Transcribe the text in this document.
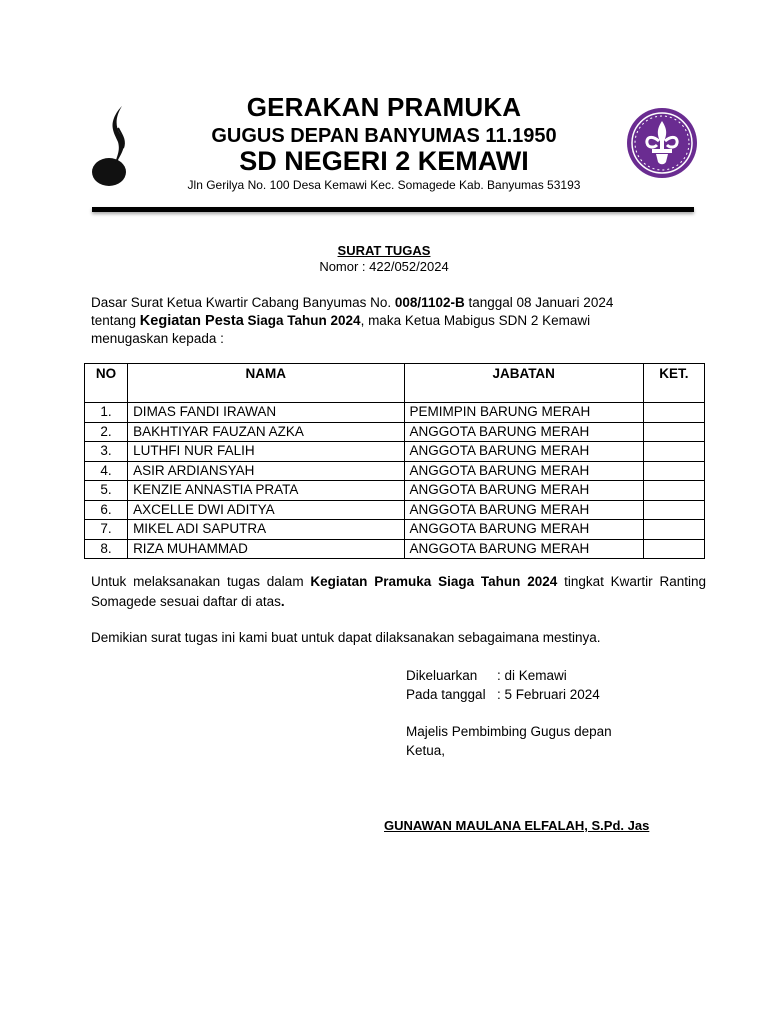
GERAKAN PRAMUKA
GUGUS DEPAN BANYUMAS 11.1950
SD NEGERI 2 KEMAWI
Jln Gerilya No. 100 Desa Kemawi Kec. Somagede Kab. Banyumas 53193
SURAT TUGAS
Nomor : 422/052/2024
Dasar Surat Ketua Kwartir Cabang Banyumas No. 008/1102-B tanggal 08 Januari 2024
tentang Kegiatan Pesta Siaga Tahun 2024, maka Ketua Mabigus SDN 2 Kemawi
menugaskan kepada :
NO	NAMA	JABATAN	KET.
1.	DIMAS FANDI IRAWAN	PEMIMPIN BARUNG MERAH	
2.	BAKHTIYAR FAUZAN AZKA	ANGGOTA BARUNG MERAH	
3.	LUTHFI NUR FALIH	ANGGOTA BARUNG MERAH	
4.	ASIR ARDIANSYAH	ANGGOTA BARUNG MERAH	
5.	KENZIE ANNASTIA PRATA	ANGGOTA BARUNG MERAH	
6.	AXCELLE DWI ADITYA	ANGGOTA BARUNG MERAH	
7.	MIKEL ADI SAPUTRA	ANGGOTA BARUNG MERAH	
8.	RIZA MUHAMMAD	ANGGOTA BARUNG MERAH	
Untuk melaksanakan tugas dalam Kegiatan Pramuka Siaga Tahun 2024 tingkat Kwartir Ranting Somagede sesuai daftar di atas.
Demikian surat tugas ini kami buat untuk dapat dilaksanakan sebagaimana mestinya.
Dikeluarkan	: di Kemawi
Pada tanggal : 5 Februari 2024
Majelis Pembimbing Gugus depan
Ketua,
GUNAWAN MAULANA ELFALAH, S.Pd. Jas
